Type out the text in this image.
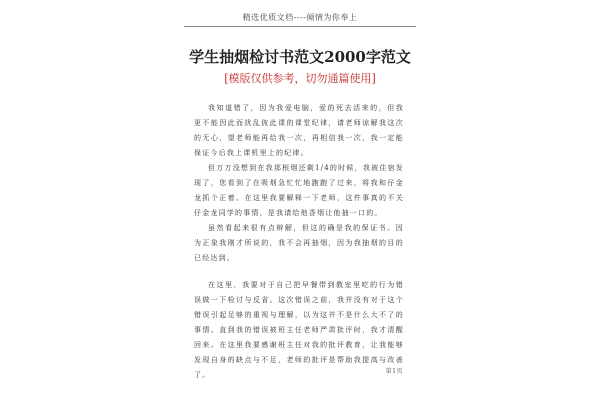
精选优质文档----倾情为你奉上
学生抽烟检讨书范文2000字范文
[模版仅供参考，切勿通篇使用]

我知道错了，因为我爱电脑，爱的死去活来的，但我更不能因此而扰乱彼此课的课堂纪律，请老师谅解我这次的无心，望老师能再给我一次，再相信我一次，我一定能保证今后我上课机里上的纪律。

但万万没想到在我那根烟还剩1/4的时候，我被住宿发现了，您看到了在吸烟急忙忙地跑跑了过来，将我和仔金龙抓个正着。在这里我要解释一下老师，这件事真的不关仔金龙同学的事情，是我请给他香烟让他抽一口的。

虽然看起来很有点辩解，但这的确是我的保证书。因为正象我刚才所说的，我不会再抽烟，因为我抽烟的目的已经达到。

在这里，我要对于自己把早餐带到教室里吃的行为错误做一下检讨与反省。这次错误之前，我并没有对于这个错误引起足够的重视与理解，以为这并不是什么大不了的事情。直到我的错误被班主任老师严肃批评时，我才清醒回来。在这里我要感谢班主任对我的批评教育，让我能够发现自身的缺点与不足，老师的批评是帮助我提高与改善了。	第1页
